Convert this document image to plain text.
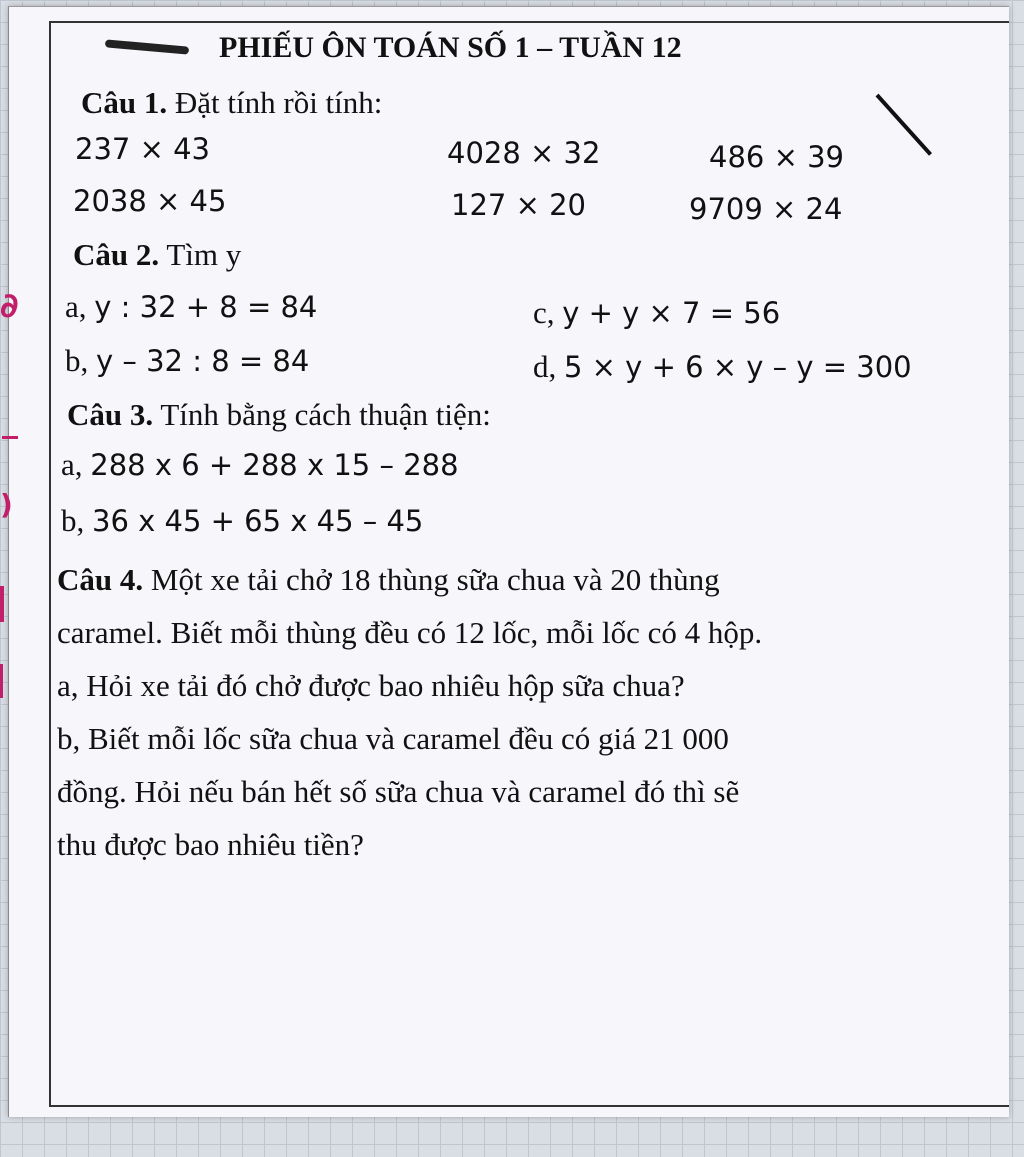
PHIẾU ÔN TOÁN SỐ 1 – TUẦN 12
Câu 1. Đặt tính rồi tính:
237 × 43	4028 × 32	486 × 39
2038 × 45	127 × 20	9709 × 24
Câu 2. Tìm y
a, y : 32 + 8 = 84	c, y + y × 7 = 56
b, y – 32 : 8 = 84	d, 5 × y + 6 × y – y = 300
Câu 3. Tính bằng cách thuận tiện:
a, 288 x 6 + 288 x 15 – 288
b, 36 x 45 + 65 x 45 – 45
Câu 4. Một xe tải chở 18 thùng sữa chua và 20 thùng
caramel. Biết mỗi thùng đều có 12 lốc, mỗi lốc có 4 hộp.
a, Hỏi xe tải đó chở được bao nhiêu hộp sữa chua?
b, Biết mỗi lốc sữa chua và caramel đều có giá 21 000
đồng. Hỏi nếu bán hết số sữa chua và caramel đó thì sẽ
thu được bao nhiêu tiền?
∂
)
